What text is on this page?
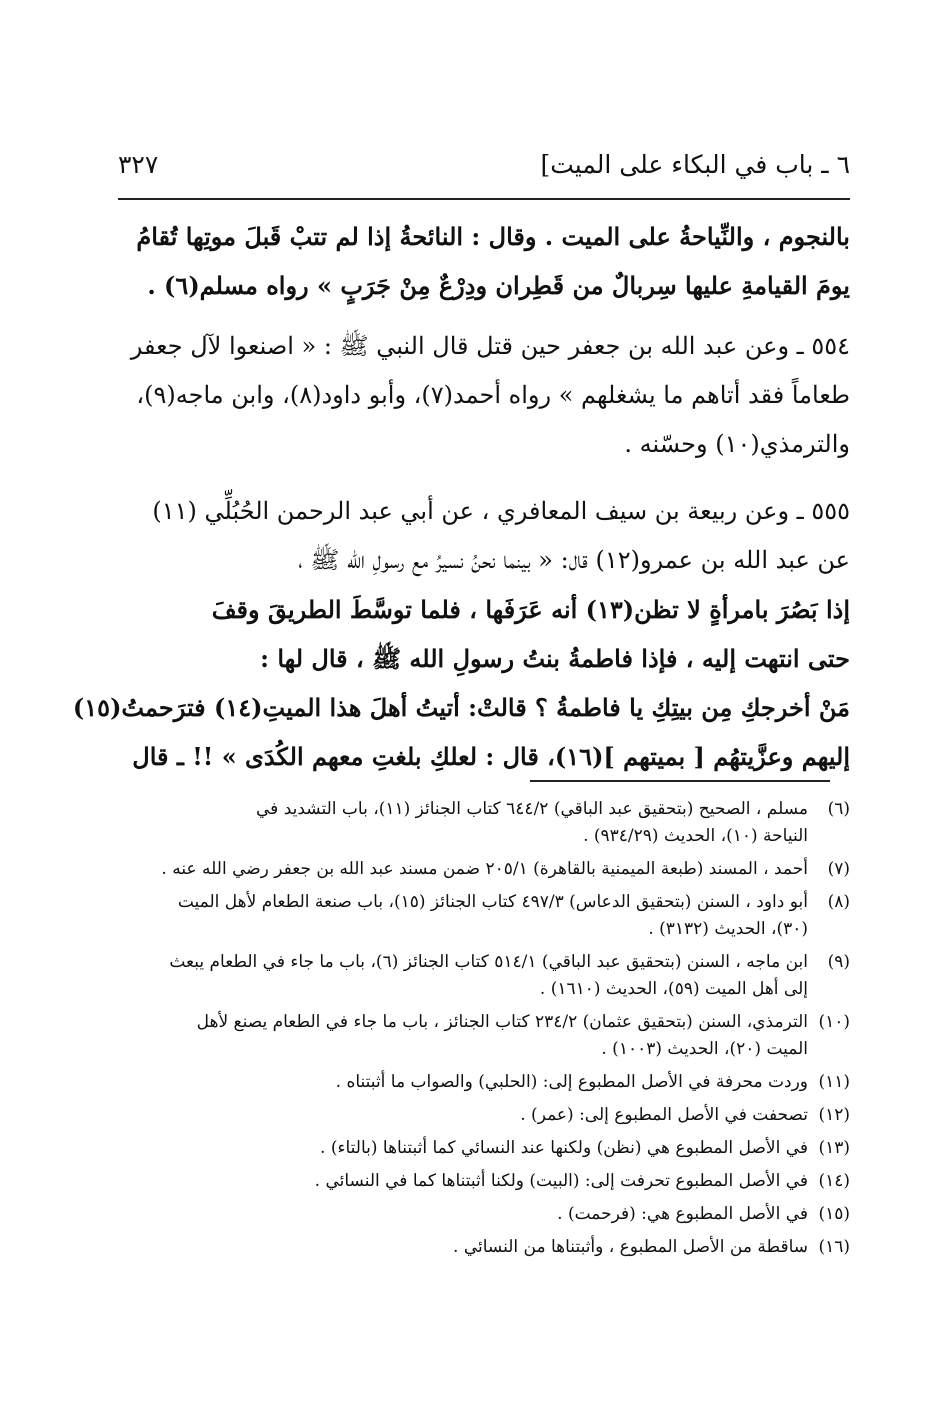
٦ ـ باب في البكاء على الميت]
٣٢٧
بالنجوم ، والنِّياحةُ على الميت . وقال : النائحةُ إذا لم تتبْ قَبلَ موتِها تُقامُ
يومَ القيامةِ عليها سِربالٌ من قَطِران ودِرْعٌ مِنْ جَرَبٍ » رواه مسلم(٦) .
٥٥٤ ـ وعن عبد الله بن جعفر حين قتل قال النبي ﷺ : « اصنعوا لآل جعفر
طعاماً فقد أتاهم ما يشغلهم » رواه أحمد(٧)، وأبو داود(٨)، وابن ماجه(٩)،
والترمذي(١٠) وحسّنه .
٥٥٥ ـ وعن ربيعة بن سيف المعافري ، عن أبي عبد الرحمن الحُبُلِّي (١١)
عن عبد الله بن عمرو(١٢) قال: « بينما نحنُ نسيرُ مع رسولِ الله ﷺ ،
إذا بَصُرَ بامرأةٍ لا تظن(١٣) أنه عَرَفَها ، فلما توسَّطَ الطريقَ وقفَ
حتى انتهت إليه ، فإذا فاطمةُ بنتُ رسولِ الله ﷺ ، قال لها :
مَنْ أخرجكِ مِن بيتِكِ يا فاطمةُ ؟ قالتْ: أتيتُ أهلَ هذا الميتِ(١٤) فترَحمتُ(١٥)
إليهم وعزَّيتهُم [ بميتهم ](١٦)، قال : لعلكِ بلغتِ معهم الكُدَى » !! ـ قال
(٦)مسلم ، الصحيح (بتحقيق عبد الباقي) ٦٤٤/٢ كتاب الجنائز (١١)، باب التشديد في
النياحة (١٠)، الحديث (٩٣٤/٢٩) .
(٧)أحمد ، المسند (طبعة الميمنية بالقاهرة) ٢٠٥/١ ضمن مسند عبد الله بن جعفر رضي الله عنه .
(٨)أبو داود ، السنن (بتحقيق الدعاس) ٤٩٧/٣ كتاب الجنائز (١٥)، باب صنعة الطعام لأهل الميت
(٣٠)، الحديث (٣١٣٢) .
(٩)ابن ماجه ، السنن (بتحقيق عبد الباقي) ٥١٤/١ كتاب الجنائز (٦)، باب ما جاء في الطعام يبعث
إلى أهل الميت (٥٩)، الحديث (١٦١٠) .
(١٠)الترمذي، السنن (بتحقيق عثمان) ٢٣٤/٢ كتاب الجنائز ، باب ما جاء في الطعام يصنع لأهل
الميت (٢٠)، الحديث (١٠٠٣) .
(١١)وردت محرفة في الأصل المطبوع إلى: (الحلبي) والصواب ما أثبتناه .
(١٢)تصحفت في الأصل المطبوع إلى: (عمر) .
(١٣)في الأصل المطبوع هي (نظن) ولكنها عند النسائي كما أثبتناها (بالتاء) .
(١٤)في الأصل المطبوع تحرفت إلى: (البيت) ولكنا أثبتناها كما في النسائي .
(١٥)في الأصل المطبوع هي: (فرحمت) .
(١٦)ساقطة من الأصل المطبوع ، وأثبتناها من النسائي .
